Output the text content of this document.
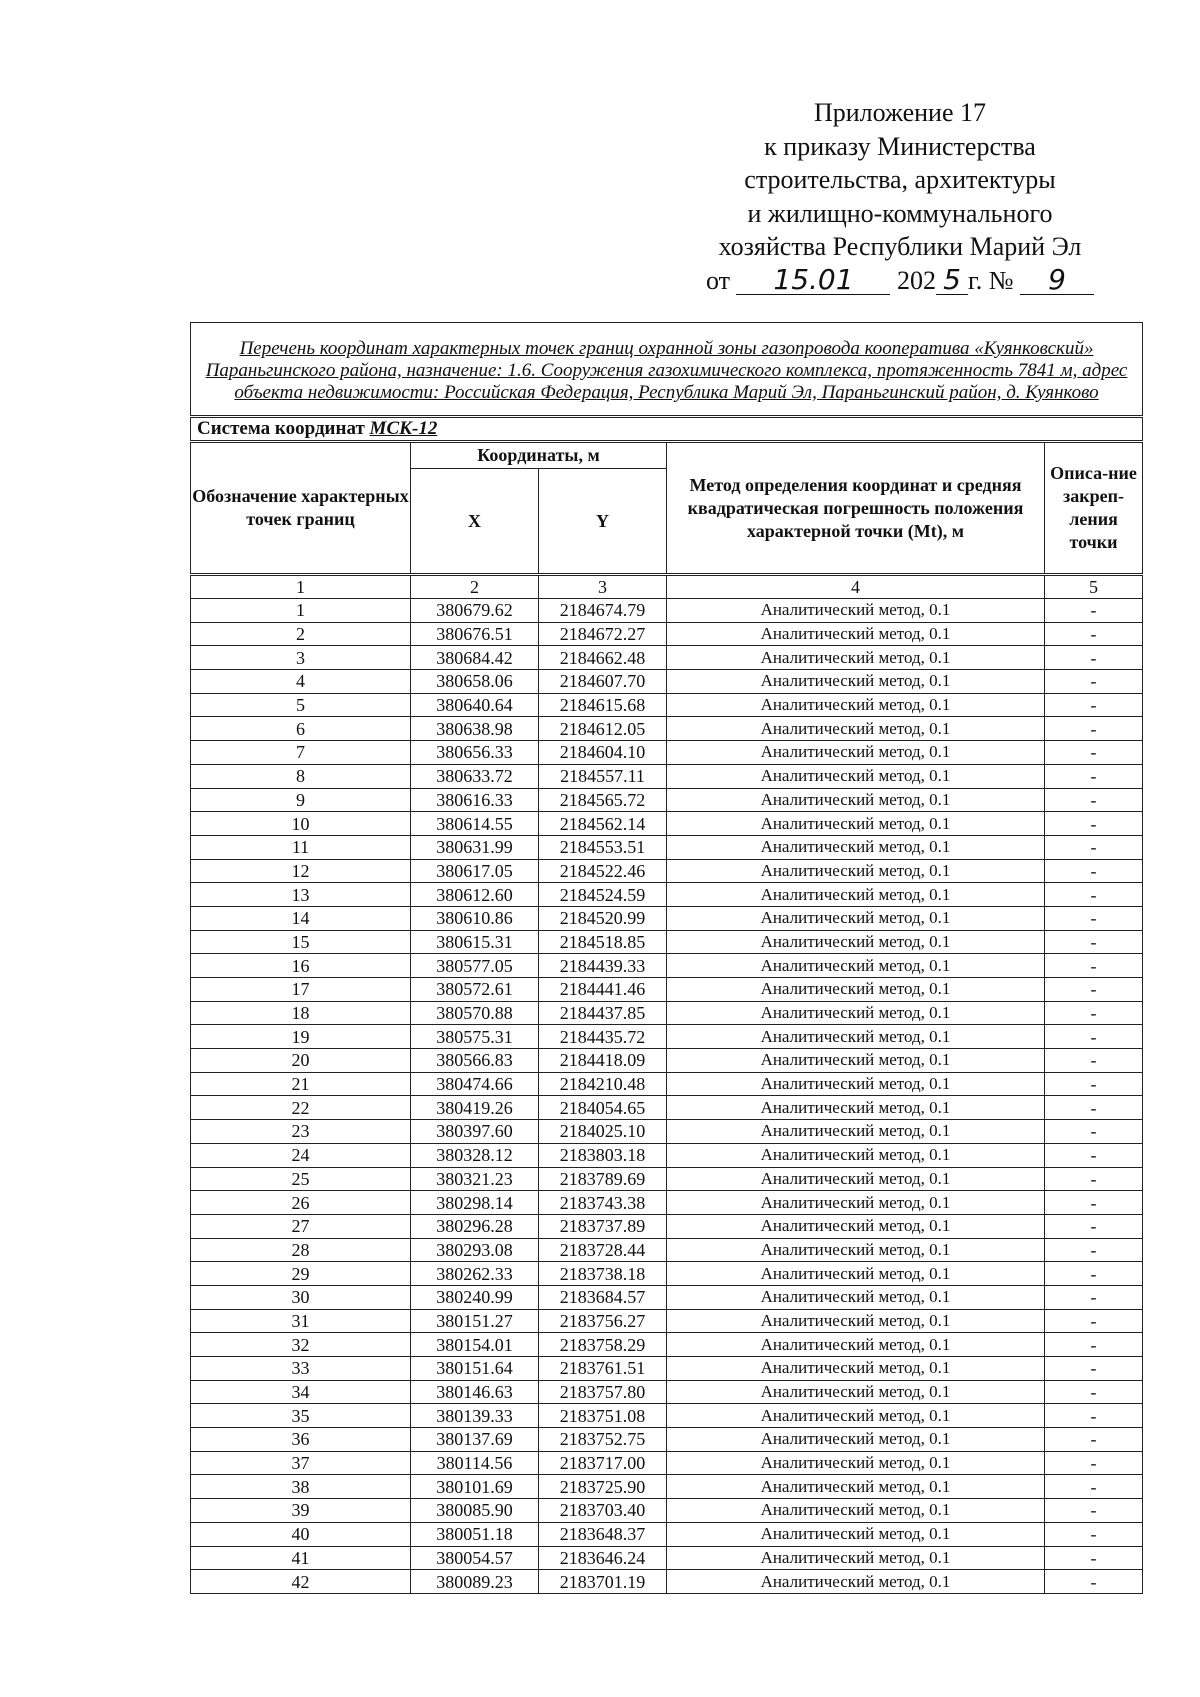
Приложение 17
к приказу Министерства
строительства, архитектуры
и жилищно-коммунального
хозяйства Республики Марий Эл
от 15.01 202 5 г. № 9
Перечень координат характерных точек границ охранной зоны газопровода кооператива «Куянковский» Параньгинского района, назначение: 1.6. Сооружения газохимического комплекса, протяженность 7841 м, адрес объекта недвижимости: Российская Федерация, Республика Марий Эл, Параньгинский район, д. Куянково				
Система координат МСК-12				
Обозначение характерных точек границ	Координаты, м		Метод определения координат и средняя квадратическая погрешность положения характерной точки (Mt), м	Описа-ние закреп-ления точки
	X	Y		
1	2	3	4	5
1	380679.62	2184674.79	Аналитический метод, 0.1	-
2	380676.51	2184672.27	Аналитический метод, 0.1	-
3	380684.42	2184662.48	Аналитический метод, 0.1	-
4	380658.06	2184607.70	Аналитический метод, 0.1	-
5	380640.64	2184615.68	Аналитический метод, 0.1	-
6	380638.98	2184612.05	Аналитический метод, 0.1	-
7	380656.33	2184604.10	Аналитический метод, 0.1	-
8	380633.72	2184557.11	Аналитический метод, 0.1	-
9	380616.33	2184565.72	Аналитический метод, 0.1	-
10	380614.55	2184562.14	Аналитический метод, 0.1	-
11	380631.99	2184553.51	Аналитический метод, 0.1	-
12	380617.05	2184522.46	Аналитический метод, 0.1	-
13	380612.60	2184524.59	Аналитический метод, 0.1	-
14	380610.86	2184520.99	Аналитический метод, 0.1	-
15	380615.31	2184518.85	Аналитический метод, 0.1	-
16	380577.05	2184439.33	Аналитический метод, 0.1	-
17	380572.61	2184441.46	Аналитический метод, 0.1	-
18	380570.88	2184437.85	Аналитический метод, 0.1	-
19	380575.31	2184435.72	Аналитический метод, 0.1	-
20	380566.83	2184418.09	Аналитический метод, 0.1	-
21	380474.66	2184210.48	Аналитический метод, 0.1	-
22	380419.26	2184054.65	Аналитический метод, 0.1	-
23	380397.60	2184025.10	Аналитический метод, 0.1	-
24	380328.12	2183803.18	Аналитический метод, 0.1	-
25	380321.23	2183789.69	Аналитический метод, 0.1	-
26	380298.14	2183743.38	Аналитический метод, 0.1	-
27	380296.28	2183737.89	Аналитический метод, 0.1	-
28	380293.08	2183728.44	Аналитический метод, 0.1	-
29	380262.33	2183738.18	Аналитический метод, 0.1	-
30	380240.99	2183684.57	Аналитический метод, 0.1	-
31	380151.27	2183756.27	Аналитический метод, 0.1	-
32	380154.01	2183758.29	Аналитический метод, 0.1	-
33	380151.64	2183761.51	Аналитический метод, 0.1	-
34	380146.63	2183757.80	Аналитический метод, 0.1	-
35	380139.33	2183751.08	Аналитический метод, 0.1	-
36	380137.69	2183752.75	Аналитический метод, 0.1	-
37	380114.56	2183717.00	Аналитический метод, 0.1	-
38	380101.69	2183725.90	Аналитический метод, 0.1	-
39	380085.90	2183703.40	Аналитический метод, 0.1	-
40	380051.18	2183648.37	Аналитический метод, 0.1	-
41	380054.57	2183646.24	Аналитический метод, 0.1	-
42	380089.23	2183701.19	Аналитический метод, 0.1	-
